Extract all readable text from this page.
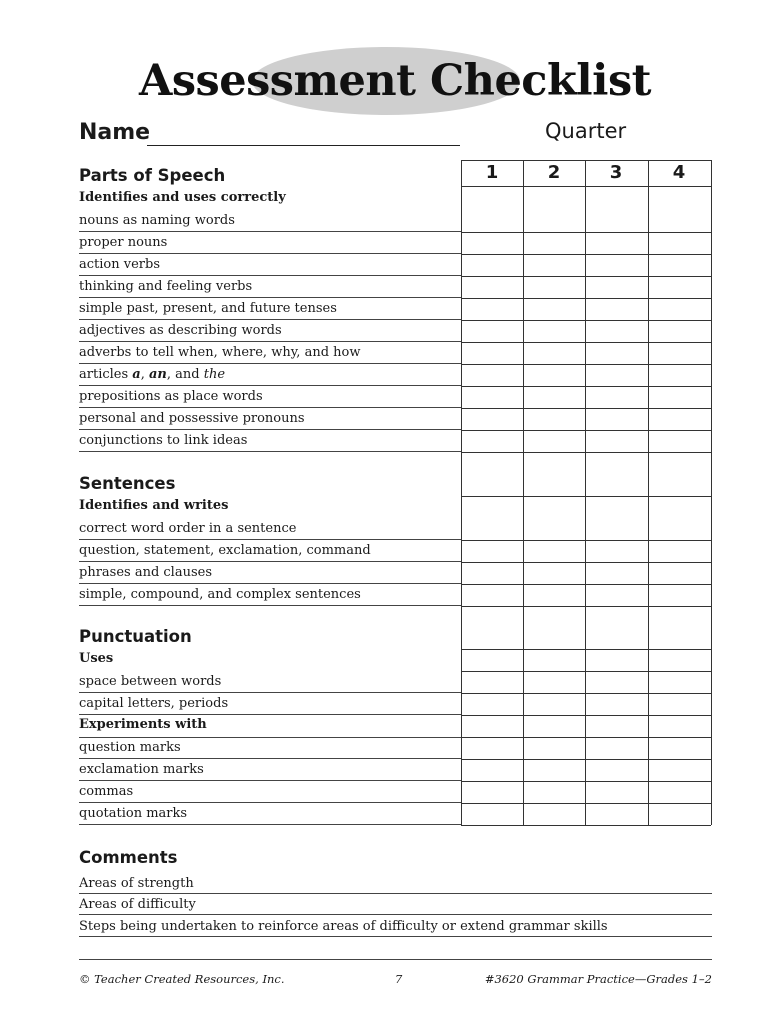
Assessment Checklist
Name	Quarter
1	2	3	4
Parts of Speech
Identifies and uses correctly
nouns as naming words
proper nouns
action verbs
thinking and feeling verbs
simple past, present, and future tenses
adjectives as describing words
adverbs to tell when, where, why, and how
articles a, an, and the
prepositions as place words
personal and possessive pronouns
conjunctions to link ideas
Sentences
Identifies and writes
correct word order in a sentence
question, statement, exclamation, command
phrases and clauses
simple, compound, and complex sentences
Punctuation
Uses
space between words
capital letters, periods
Experiments with
question marks
exclamation marks
commas
quotation marks
Comments
Areas of strength
Areas of difficulty
Steps being undertaken to reinforce areas of difficulty or extend grammar skills
© Teacher Created Resources, Inc.	7	#3620 Grammar Practice—Grades 1–2
